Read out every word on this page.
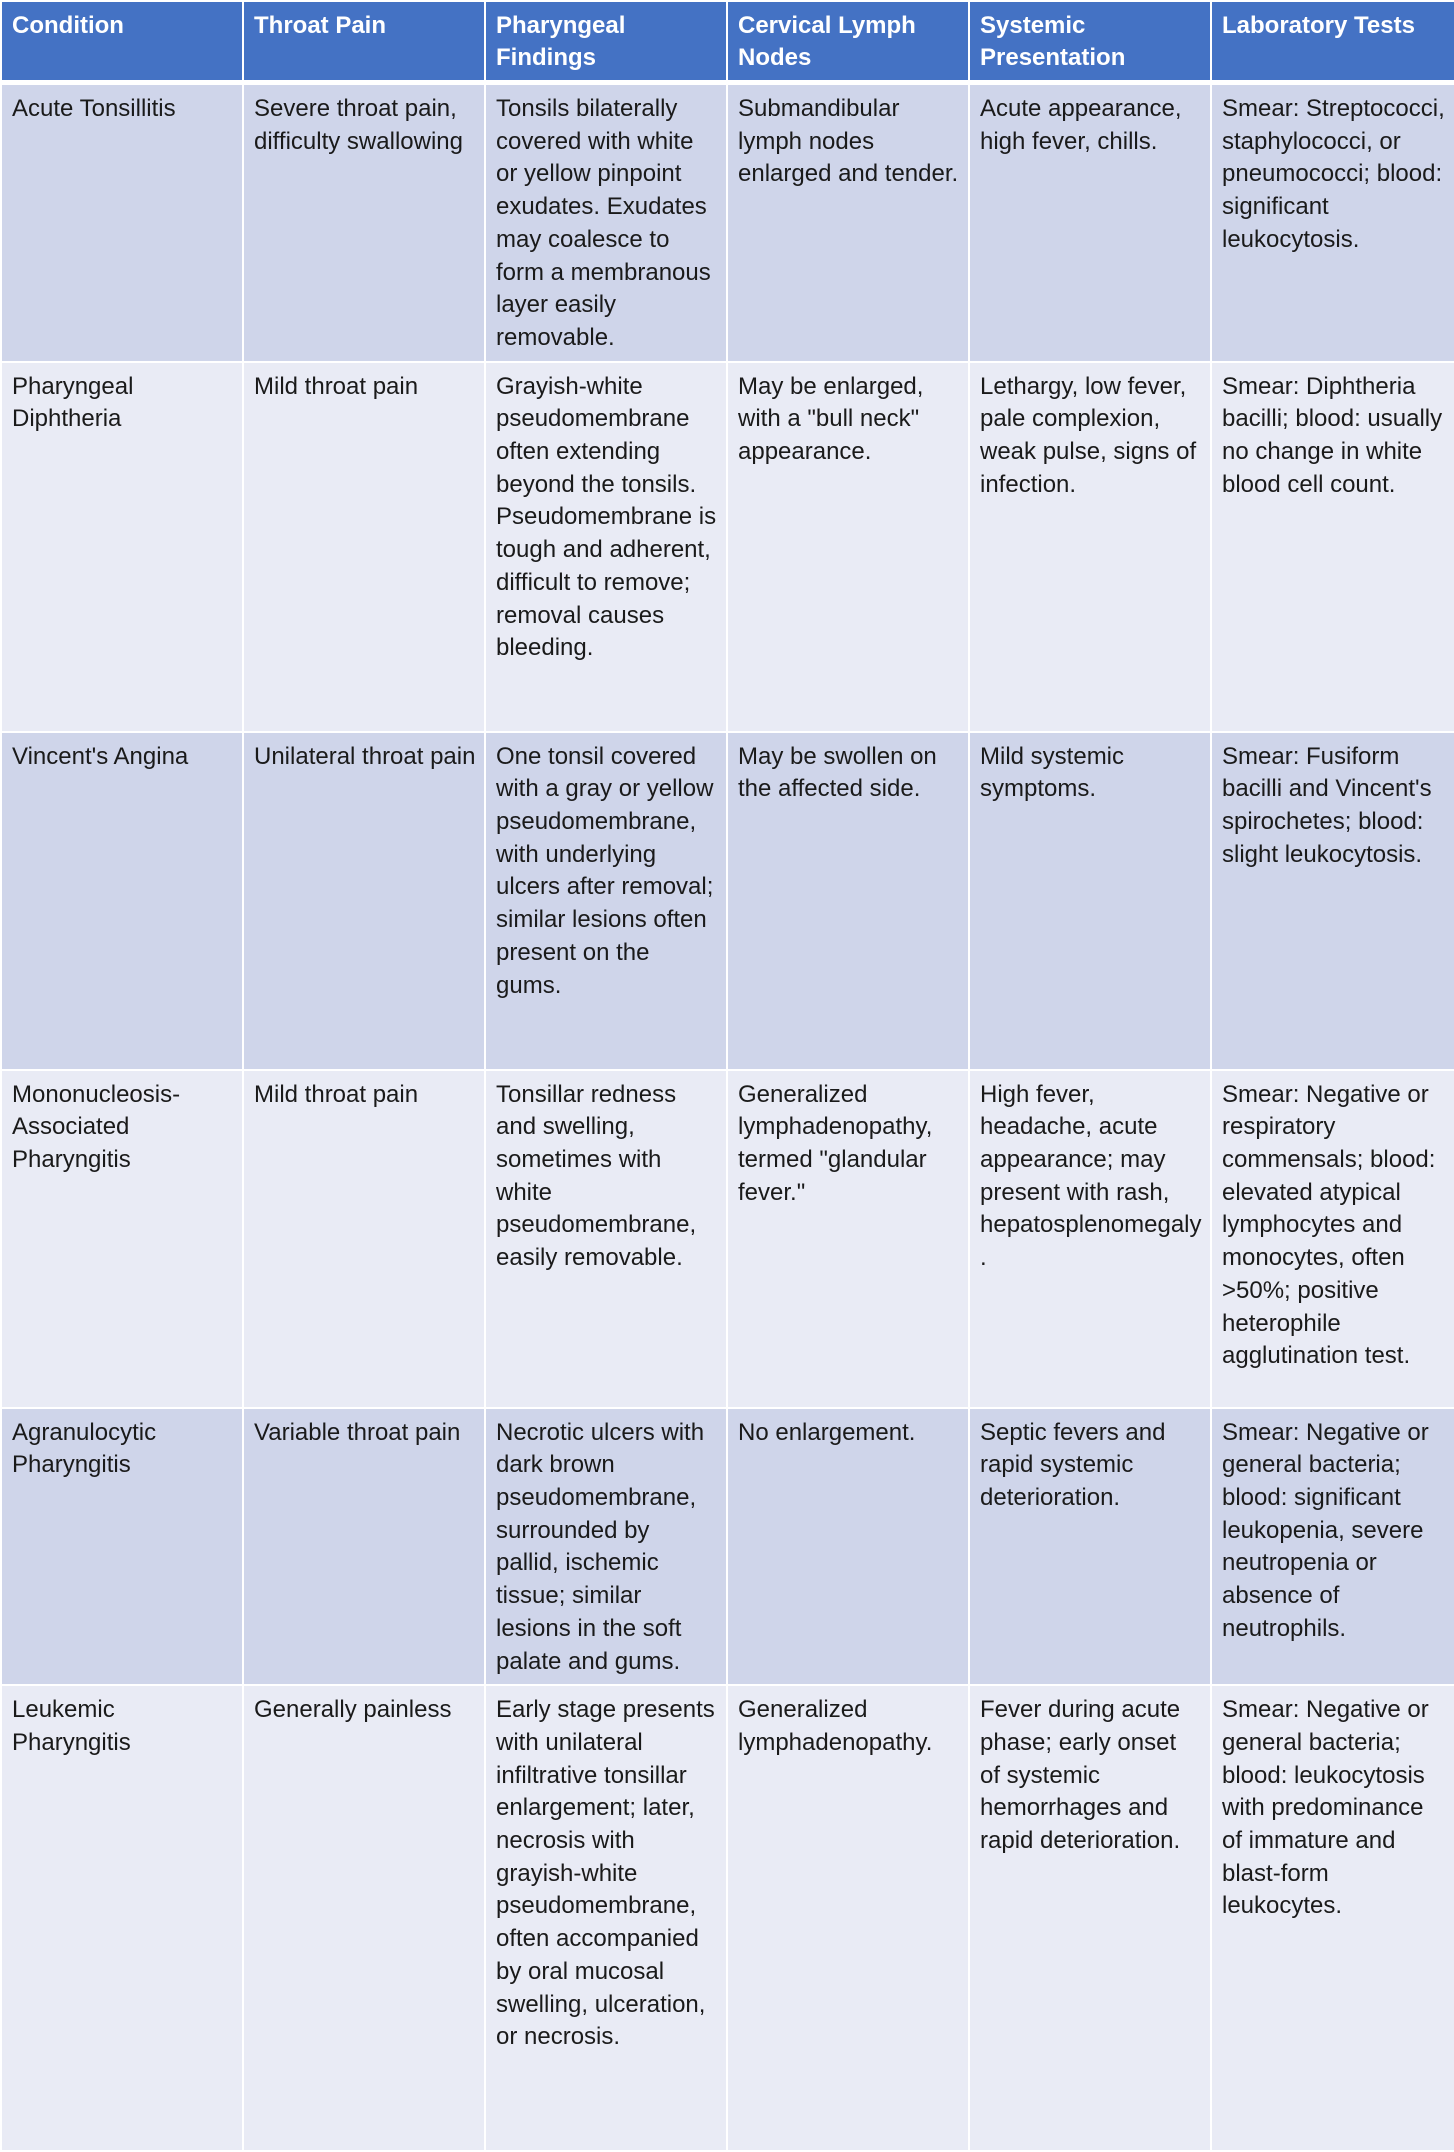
Condition	Throat Pain	Pharyngeal Findings	Cervical Lymph Nodes	Systemic Presentation	Laboratory Tests
Acute Tonsillitis	Severe throat pain, difficulty swallowing	Tonsils bilaterally covered with white or yellow pinpoint exudates. Exudates may coalesce to form a membranous layer easily removable.	Submandibular lymph nodes enlarged and tender.	Acute appearance, high fever, chills.	Smear: Streptococci, staphylococci, or pneumococci; blood: significant leukocytosis.
Pharyngeal Diphtheria	Mild throat pain	Grayish-white pseudomembrane often extending beyond the tonsils. Pseudomembrane is tough and adherent, difficult to remove; removal causes bleeding.	May be enlarged, with a "bull neck" appearance.	Lethargy, low fever, pale complexion, weak pulse, signs of infection.	Smear: Diphtheria bacilli; blood: usually no change in white blood cell count.
Vincent's Angina	Unilateral throat pain	One tonsil covered with a gray or yellow pseudomembrane, with underlying ulcers after removal; similar lesions often present on the gums.	May be swollen on the affected side.	Mild systemic symptoms.	Smear: Fusiform bacilli and Vincent's spirochetes; blood: slight leukocytosis.
Mononucleosis-Associated Pharyngitis	Mild throat pain	Tonsillar redness and swelling, sometimes with white pseudomembrane, easily removable.	Generalized lymphadenopathy, termed "glandular fever."	High fever, headache, acute appearance; may present with rash, hepatosplenomegaly.	Smear: Negative or respiratory commensals; blood: elevated atypical lymphocytes and monocytes, often >50%; positive heterophile agglutination test.
Agranulocytic Pharyngitis	Variable throat pain	Necrotic ulcers with dark brown pseudomembrane, surrounded by pallid, ischemic tissue; similar lesions in the soft palate and gums.	No enlargement.	Septic fevers and rapid systemic deterioration.	Smear: Negative or general bacteria; blood: significant leukopenia, severe neutropenia or absence of neutrophils.
Leukemic Pharyngitis	Generally painless	Early stage presents with unilateral infiltrative tonsillar enlargement; later, necrosis with grayish-white pseudomembrane, often accompanied by oral mucosal swelling, ulceration, or necrosis.	Generalized lymphadenopathy.	Fever during acute phase; early onset of systemic hemorrhages and rapid deterioration.	Smear: Negative or general bacteria; blood: leukocytosis with predominance of immature and blast-form leukocytes.
